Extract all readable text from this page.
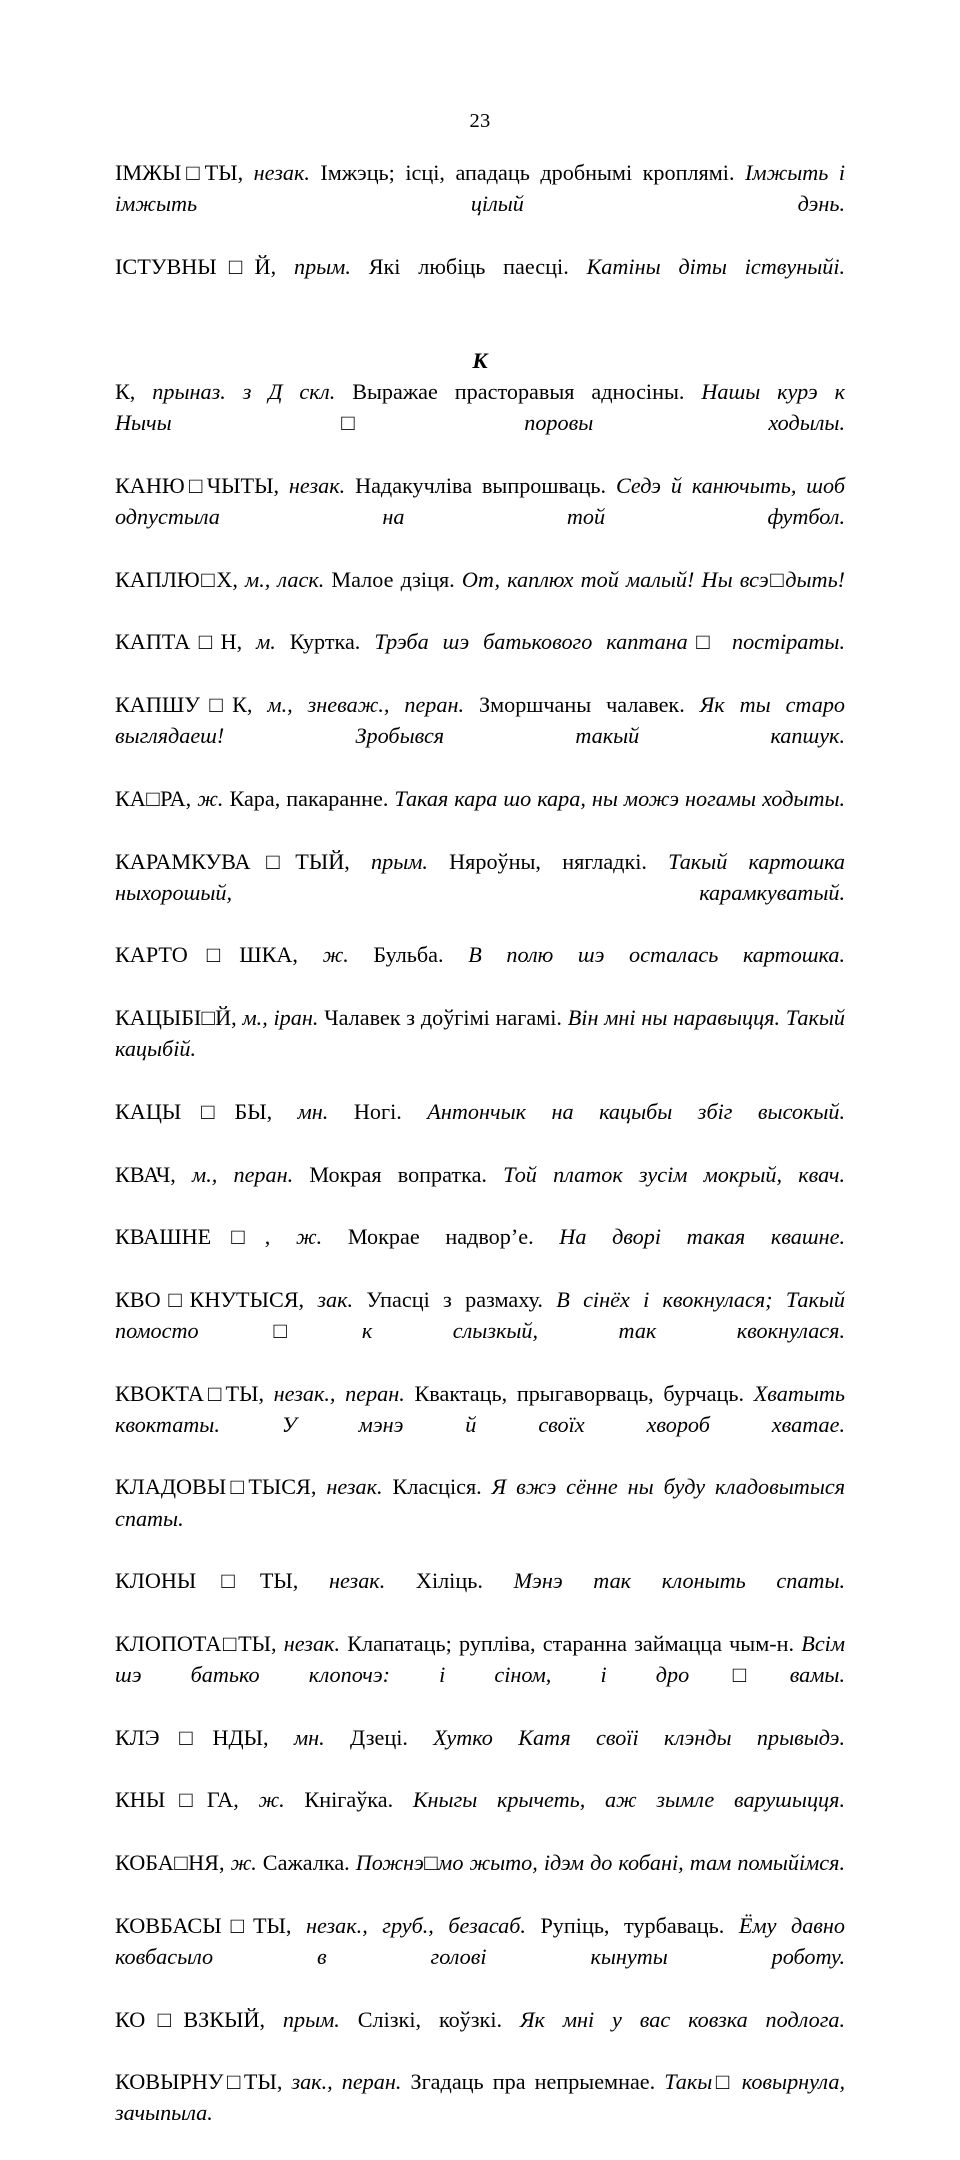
23

ІМЖЫ□ТЫ, незак. Імжэць; ісці, ападаць дробнымі кроплямі. Імжыть і імжыть цілый дэнь.

ІСТУВНЫ□Й, прым. Які любіць паесці. Катіны діты іствуныйі.

К

К, прыназ. з Д скл. Выражае прасторавыя адносіны. Нашы курэ к Нычы□поровы ходылы.

КАНЮ□ЧЫТЫ, незак. Надакучліва выпрошваць. Седэ й канючыть, шоб одпустыла на той футбол.

КАПЛЮ□Х, м., ласк. Малое дзіця. От, каплюх той малый! Ны всэ□дыть!

КАПТА□Н, м. Куртка. Трэба шэ батькового каптана□ постіраты.

КАПШУ□К, м., зневаж., перан. Зморшчаны чалавек. Як ты старо выглядаеш! Зробывся такый капшук.

КА□РА, ж. Кара, пакаранне. Такая кара шо кара, ны можэ ногамы ходыты.

КАРАМКУВА□ТЫЙ, прым. Няроўны, нягладкі. Такый картошка ныхорошый, карамкуватый.

КАРТО□ШКА, ж. Бульба. В полю шэ осталась картошка.

КАЦЫБІ□Й, м., іран. Чалавек з доўгімі нагамі. Він мні ны наравыцця. Такый кацыбій.

КАЦЫ□БЫ, мн. Ногі. Антончык на кацыбы збіг высокый.

КВАЧ, м., перан. Мокрая вопратка. Той платок зусім мокрый, квач.

КВАШНЕ□, ж. Мокрае надвор’е. На дворі такая квашне.

КВО□КНУТЫСЯ, зак. Упасці з размаху. В сінёх і квокнулася; Такый помосто□к слызкый, так квокнулася.

КВОКТА□ТЫ, незак., перан. Квактаць, прыгаворваць, бурчаць. Хватыть квоктаты. У мэнэ й своїх хвороб хватае.

КЛАДОВЫ□ТЫСЯ, незак. Класціся. Я вжэ сённе ны буду кладовытыся спаты.

КЛОНЫ□ТЫ, незак. Хіліць. Мэнэ так клоныть спаты.

КЛОПОТА□ТЫ, незак. Клапатаць; рупліва, старанна займацца чым-н. Всім шэ батько клопочэ: і сіном, і дро□вамы.

КЛЭ□НДЫ, мн. Дзеці. Хутко Катя своїі клэнды прывыдэ.

КНЫ□ГА, ж. Кнігаўка. Кныгы крычеть, аж зымле варушыцця.

КОБА□НЯ, ж. Сажалка. Пожнэ□мо жыто, ідэм до кобані, там помыйімся.

КОВБАСЫ□ТЫ, незак., груб., безасаб. Рупіць, турбаваць. Ёму давно ковбасыло в голові кынуты роботу.

КО□ВЗКЫЙ, прым. Слізкі, коўзкі. Як мні у вас ковзка подлога.

КОВЫРНУ□ТЫ, зак., перан. Згадаць пра непрыемнае. Такы□ ковырнула, зачыпыла.
